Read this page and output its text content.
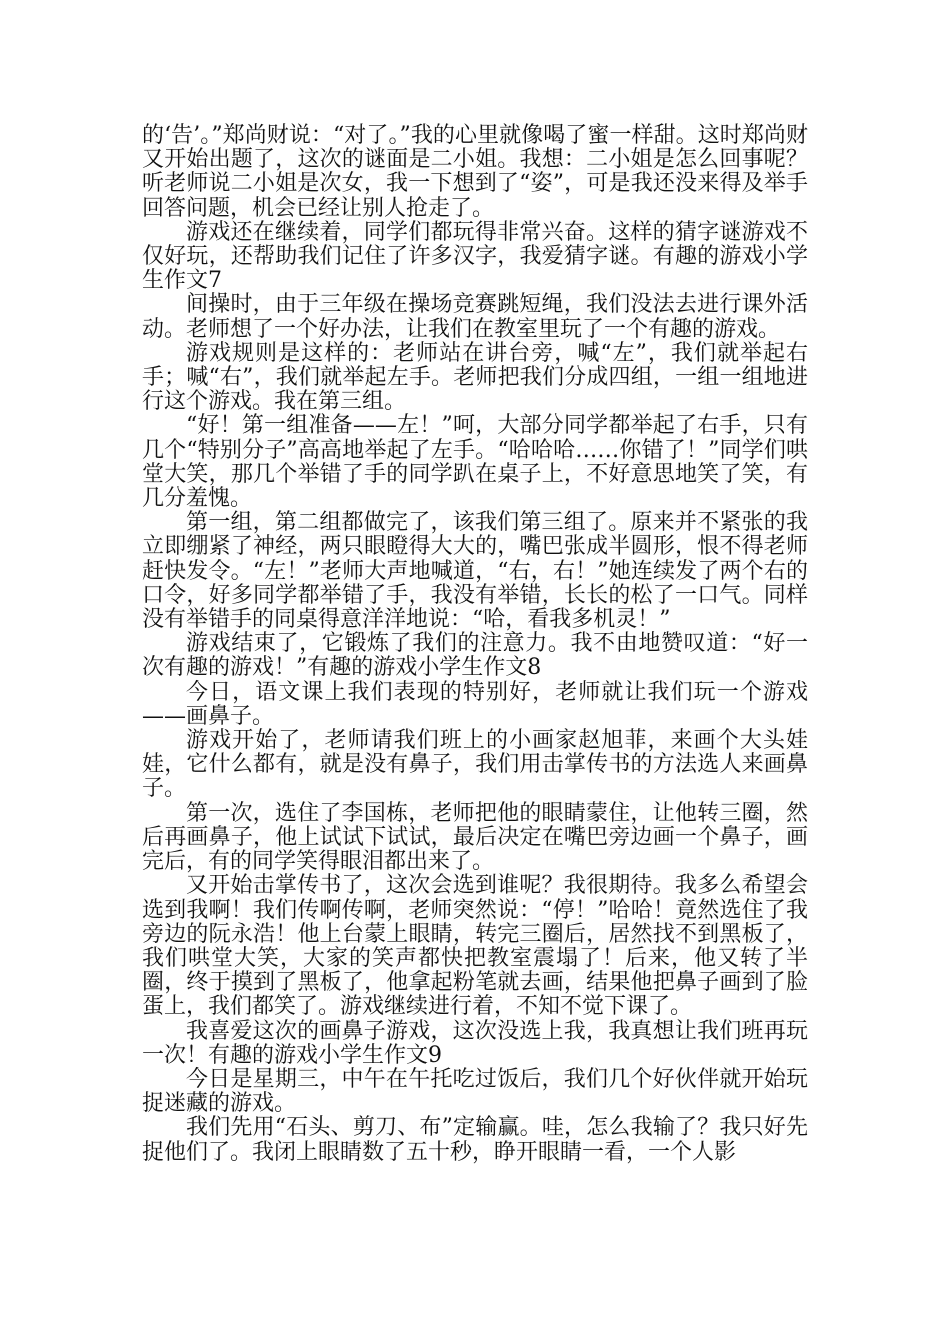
的‘告’。”郑尚财说：“对了。”我的心里就像喝了蜜一样甜。这时郑尚财又开始出题了，这次的谜面是二小姐。我想：二小姐是怎么回事呢？听老师说二小姐是次女，我一下想到了“姿”，可是我还没来得及举手回答问题，机会已经让别人抢走了。

游戏还在继续着，同学们都玩得非常兴奋。这样的猜字谜游戏不仅好玩，还帮助我们记住了许多汉字，我爱猜字谜。有趣的游戏小学生作文7

间操时，由于三年级在操场竞赛跳短绳，我们没法去进行课外活动。老师想了一个好办法，让我们在教室里玩了一个有趣的游戏。

游戏规则是这样的：老师站在讲台旁，喊“左”，我们就举起右手；喊“右”，我们就举起左手。老师把我们分成四组，一组一组地进行这个游戏。我在第三组。

“好！第一组准备——左！”呵，大部分同学都举起了右手，只有几个“特别分子”高高地举起了左手。“哈哈哈……你错了！”同学们哄堂大笑，那几个举错了手的同学趴在桌子上，不好意思地笑了笑，有几分羞愧。

第一组，第二组都做完了，该我们第三组了。原来并不紧张的我立即绷紧了神经，两只眼瞪得大大的，嘴巴张成半圆形，恨不得老师赶快发令。“左！”老师大声地喊道，“右，右！”她连续发了两个右的口令，好多同学都举错了手，我没有举错，长长的松了一口气。同样没有举错手的同桌得意洋洋地说：“哈，看我多机灵！”

游戏结束了，它锻炼了我们的注意力。我不由地赞叹道：“好一次有趣的游戏！”有趣的游戏小学生作文8

今日，语文课上我们表现的特别好，老师就让我们玩一个游戏——画鼻子。

游戏开始了，老师请我们班上的小画家赵旭菲，来画个大头娃娃，它什么都有，就是没有鼻子，我们用击掌传书的方法选人来画鼻子。

第一次，选住了李国栋，老师把他的眼睛蒙住，让他转三圈，然后再画鼻子，他上试试下试试，最后决定在嘴巴旁边画一个鼻子，画完后，有的同学笑得眼泪都出来了。

又开始击掌传书了，这次会选到谁呢？我很期待。我多么希望会选到我啊！我们传啊传啊，老师突然说：“停！”哈哈！竟然选住了我旁边的阮永浩！他上台蒙上眼睛，转完三圈后，居然找不到黑板了，我们哄堂大笑，大家的笑声都快把教室震塌了！后来，他又转了半圈，终于摸到了黑板了，他拿起粉笔就去画，结果他把鼻子画到了脸蛋上，我们都笑了。游戏继续进行着，不知不觉下课了。

我喜爱这次的画鼻子游戏，这次没选上我，我真想让我们班再玩一次！有趣的游戏小学生作文9

今日是星期三，中午在午托吃过饭后，我们几个好伙伴就开始玩捉迷藏的游戏。

我们先用“石头、剪刀、布”定输赢。哇，怎么我输了？我只好先捉他们了。我闭上眼睛数了五十秒，睁开眼睛一看，一个人影
